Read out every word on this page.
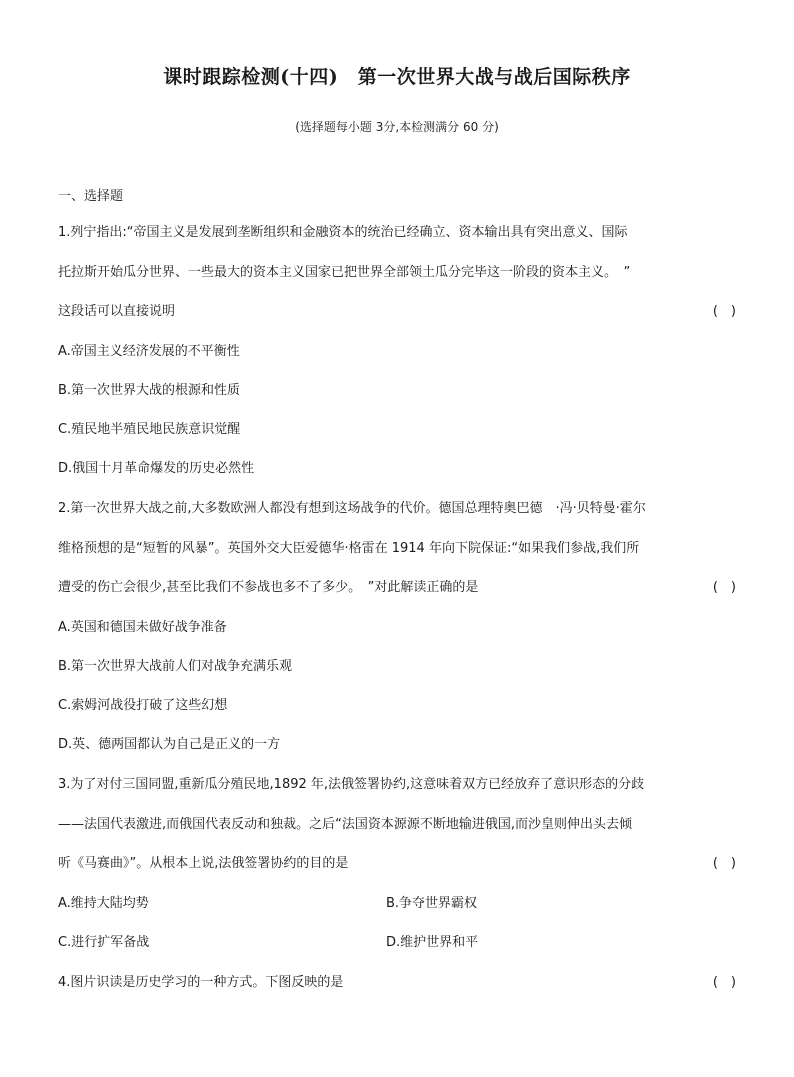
课时跟踪检测(十四)　第一次世界大战与战后国际秩序
(选择题每小题 3分,本检测满分 60 分)
一、选择题
1.列宁指出:“帝国主义是发展到垄断组织和金融资本的统治已经确立、资本输出具有突出意义、国际
托拉斯开始瓜分世界、一些最大的资本主义国家已把世界全部领土瓜分完毕这一阶段的资本主义。　”
这段话可以直接说明	(　)
A.帝国主义经济发展的不平衡性
B.第一次世界大战的根源和性质
C.殖民地半殖民地民族意识觉醒
D.俄国十月革命爆发的历史必然性
2.第一次世界大战之前,大多数欧洲人都没有想到这场战争的代价。德国总理特奥巴德　·冯·贝特曼·霍尔
维格预想的是“短暂的风暴”。英国外交大臣爱德华·格雷在 1914 年向下院保证:“如果我们参战,我们所
遭受的伤亡会很少,甚至比我们不参战也多不了多少。　”对此解读正确的是	(　)
A.英国和德国未做好战争准备
B.第一次世界大战前人们对战争充满乐观
C.索姆河战役打破了这些幻想
D.英、德两国都认为自己是正义的一方
3.为了对付三国同盟,重新瓜分殖民地,1892 年,法俄签署协约,这意味着双方已经放弃了意识形态的分歧
——法国代表激进,而俄国代表反动和独裁。之后“法国资本源源不断地输进俄国,而沙皇则伸出头去倾
听《马赛曲》”。从根本上说,法俄签署协约的目的是	(　)
A.维持大陆均势	B.争夺世界霸权
C.进行扩军备战	D.维护世界和平
4.图片识读是历史学习的一种方式。下图反映的是	(　)
